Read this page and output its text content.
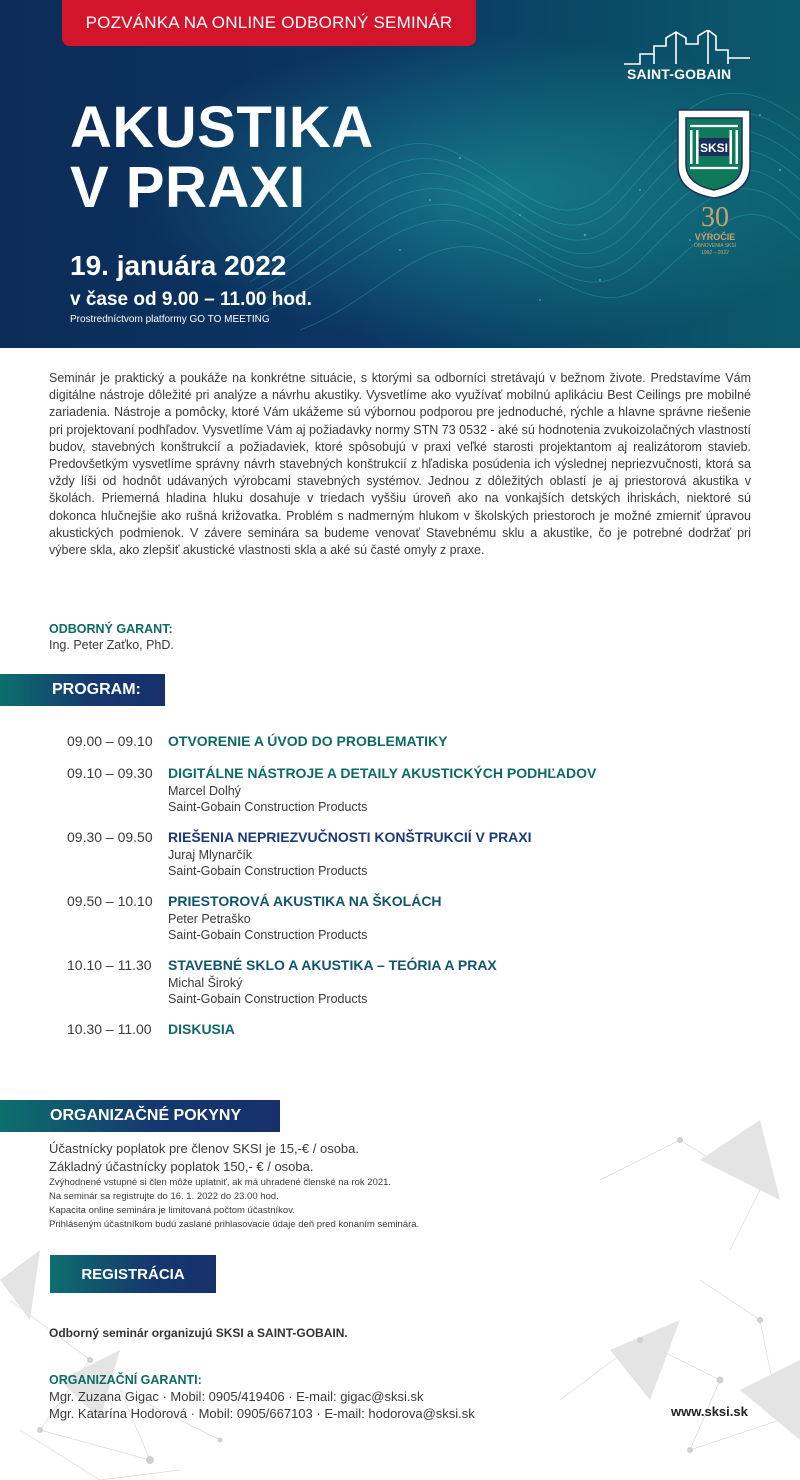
POZVÁNKA NA ONLINE ODBORNÝ SEMINÁR
AKUSTIKA
V PRAXI
19. januára 2022
v čase od 9.00 – 11.00 hod.
Prostredníctvom platformy GO TO MEETING
SAINT-GOBAIN
SKSI
30
VÝROČIE
OBNOVENIA SKSI
1992 – 2022

Seminár je praktický a poukáže na konkrétne situácie, s ktorými sa odborníci stretávajú v bežnom živote. Predstavíme Vám digitálne nástroje dôležité pri analýze a návrhu akustiky. Vysvetlíme ako využívať mobilnú aplikáciu Best Ceilings pre mobilné zariadenia. Nástroje a pomôcky, ktoré Vám ukážeme sú výbornou podporou pre jednoduché, rýchle a hlavne správne riešenie pri projektovaní podhľadov. Vysvetlíme Vám aj požiadavky normy STN 73 0532 - aké sú hodnotenia zvukoizolačných vlastností budov, stavebných konštrukcií a požiadaviek, ktoré spôsobujú v praxi veľké starosti projektantom aj realizátorom stavieb. Predovšetkým vysvetlíme správny návrh stavebných konštrukcií z hľadiska posúdenia ich výslednej nepriezvučnosti, ktorá sa vždy líši od hodnôt udávaných výrobcami stavebných systémov. Jednou z dôležitých oblastí je aj priestorová akustika v školách. Priemerná hladina hluku dosahuje v triedach vyššiu úroveň ako na vonkajších detských ihriskách, niektoré sú dokonca hlučnejšie ako rušná križovatka. Problém s nadmerným hlukom v školských priestoroch je možné zmierniť úpravou akustických podmienok. V závere seminára sa budeme venovať Stavebnému sklu a akustike, čo je potrebné dodržať pri výbere skla, ako zlepšiť akustické vlastnosti skla a aké sú časté omyly z praxe.

ODBORNÝ GARANT:
Ing. Peter Zaťko, PhD.
PROGRAM:
09.00 – 09.10	OTVORENIE A ÚVOD DO PROBLEMATIKY
09.10 – 09.30	DIGITÁLNE NÁSTROJE A DETAILY AKUSTICKÝCH PODHĽADOV
Marcel Dolhý
Saint-Gobain Construction Products
09.30 – 09.50	RIEŠENIA NEPRIEZVUČNOSTI KONŠTRUKCIÍ V PRAXI
Juraj Mlynarčík
Saint-Gobain Construction Products
09.50 – 10.10	PRIESTOROVÁ AKUSTIKA NA ŠKOLÁCH
Peter Petraško
Saint-Gobain Construction Products
10.10 – 11.30	STAVEBNÉ SKLO A AKUSTIKA – TEÓRIA A PRAX
Michal Široký
Saint-Gobain Construction Products
10.30 – 11.00	DISKUSIA
ORGANIZAČNÉ POKYNY
Účastnícky poplatok pre členov SKSI je 15,-€ / osoba.
Základný účastnícky poplatok 150,- € / osoba.
Zvýhodnené vstupné si člen môže uplatniť, ak má uhradené členské na rok 2021.
Na seminár sa registrujte do 16. 1. 2022 do 23.00 hod.
Kapacita online seminára je limitovaná počtom účastníkov.
Prihláseným účastníkom budú zaslané prihlasovacie údaje deň pred konaním seminára.
REGISTRÁCIA
Odborný seminár organizujú SKSI a SAINT-GOBAIN.
ORGANIZAČNÍ GARANTI:
Mgr. Zuzana Gigac · Mobil: 0905/419406 · E-mail: gigac@sksi.sk
Mgr. Katarína Hodorová · Mobil: 0905/667103 · E-mail: hodorova@sksi.sk	www.sksi.sk
